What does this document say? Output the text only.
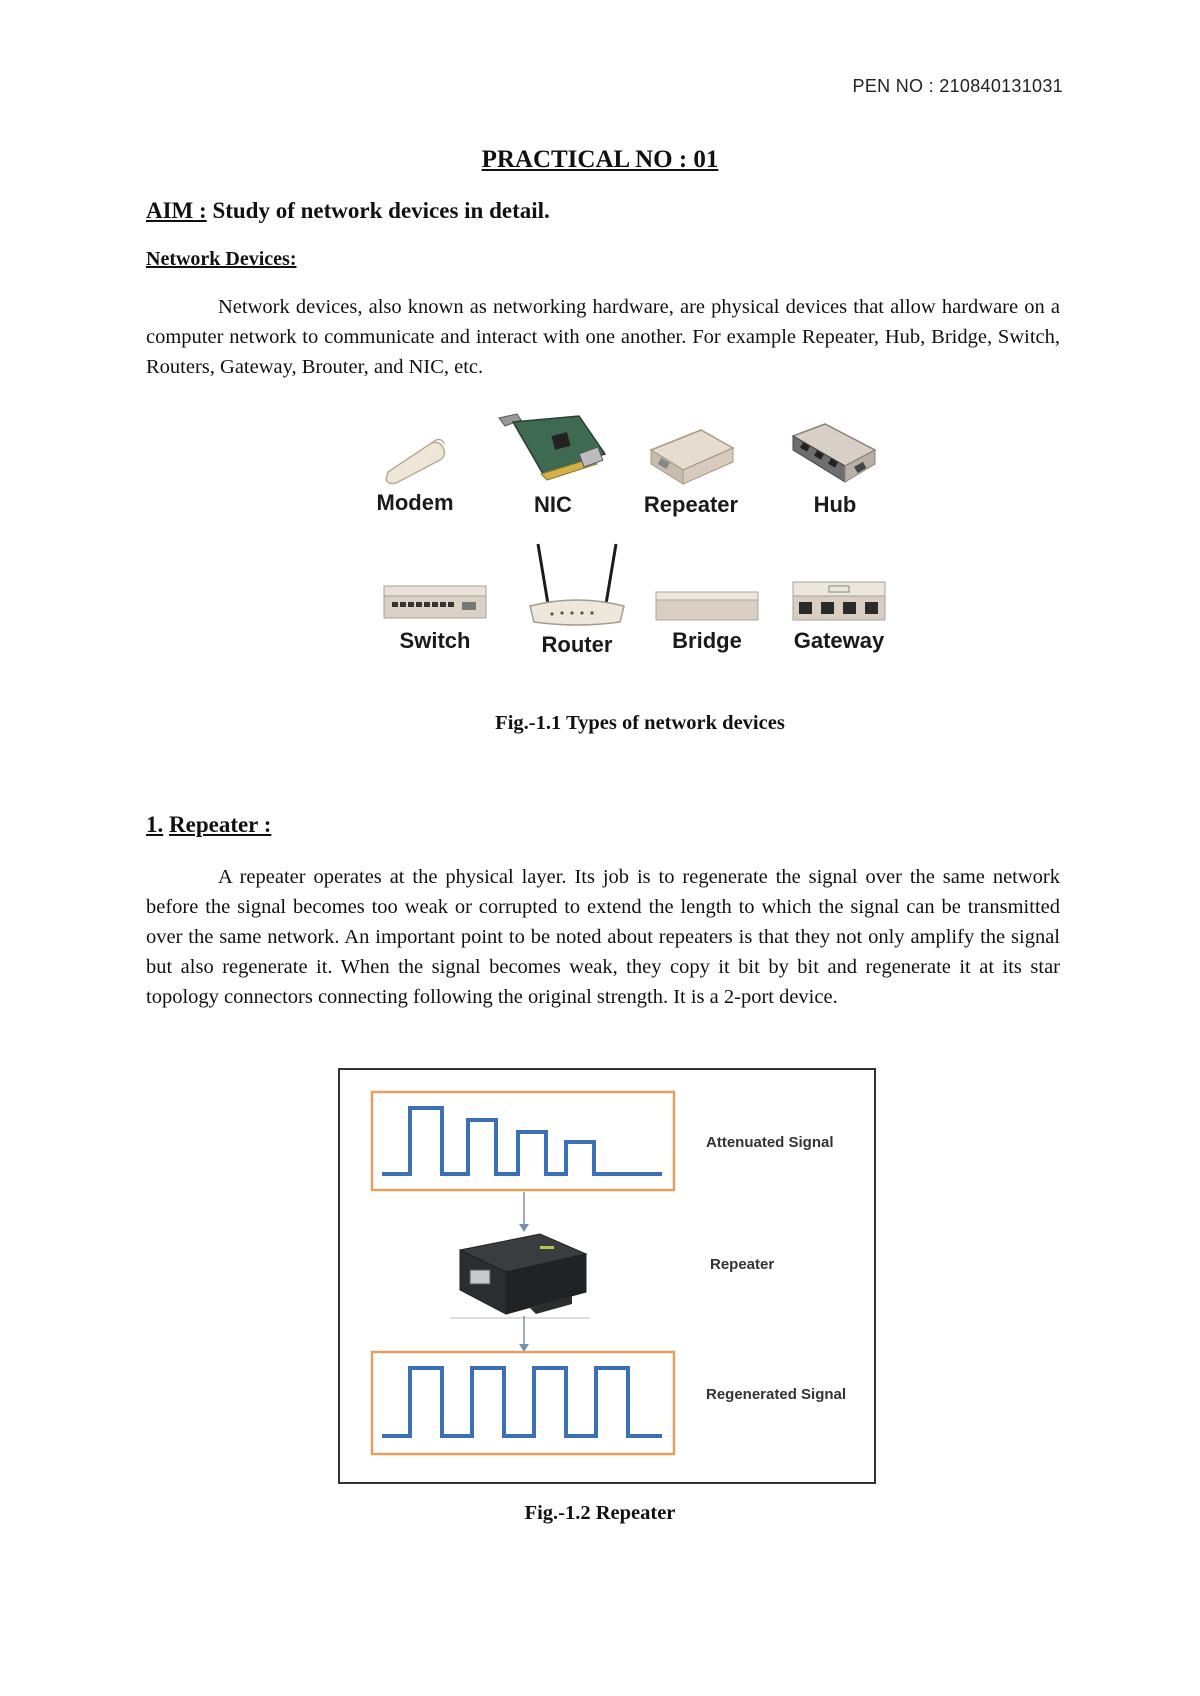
PEN NO : 210840131031
PRACTICAL NO : 01
AIM : Study of network devices in detail.
Network Devices:
Network devices, also known as networking hardware, are physical devices that allow hardware on a computer network to communicate and interact with one another. For example Repeater, Hub, Bridge, Switch, Routers, Gateway, Brouter, and NIC, etc.
Modem	NIC	Repeater	Hub
Switch	Router	Bridge	Gateway
Fig.-1.1 Types of network devices
1. Repeater :
A repeater operates at the physical layer. Its job is to regenerate the signal over the same network before the signal becomes too weak or corrupted to extend the length to which the signal can be transmitted over the same network. An important point to be noted about repeaters is that they not only amplify the signal but also regenerate it. When the signal becomes weak, they copy it bit by bit and regenerate it at its star topology connectors connecting following the original strength. It is a 2-port device.
Attenuated Signal
Repeater
Regenerated Signal
Fig.-1.2 Repeater
